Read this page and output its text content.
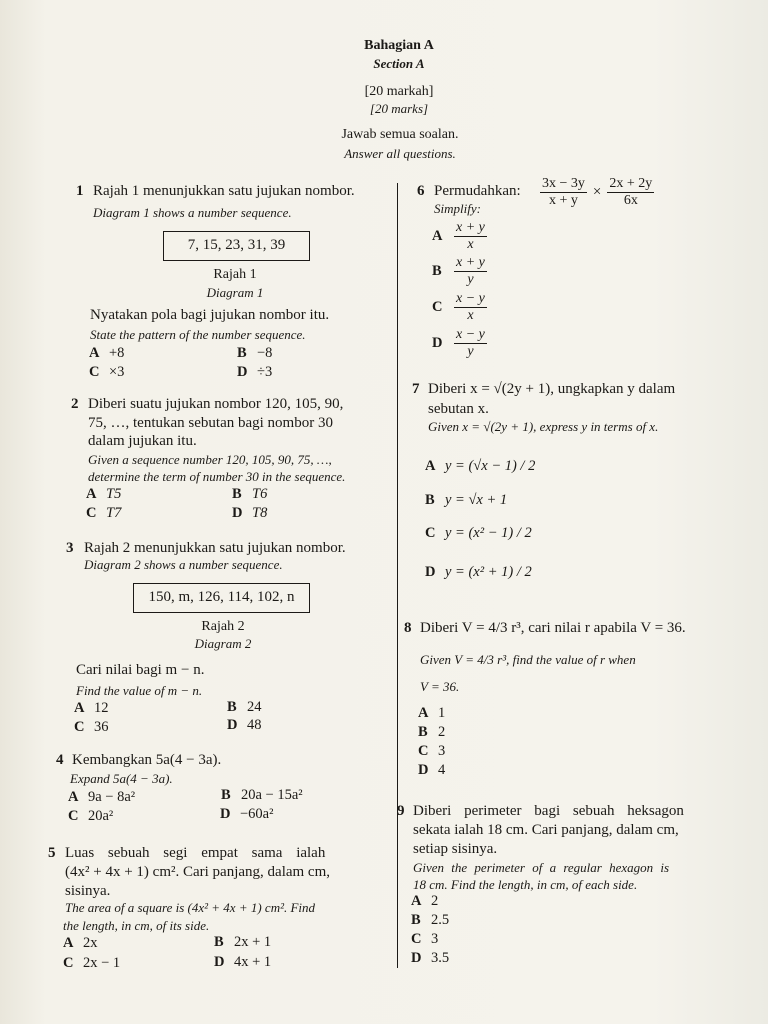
Bahagian A
Section A
[20 markah]
[20 marks]
Jawab semua soalan.
Answer all questions.
1 Rajah 1 menunjukkan satu jujukan nombor.
Diagram 1 shows a number sequence.
7, 15, 23, 31, 39
Rajah 1
Diagram 1
Nyatakan pola bagi jujukan nombor itu.
State the pattern of the number sequence.
A +8	B −8
C ×3	D ÷3
2 Diberi suatu jujukan nombor 120, 105, 90,
75, …, tentukan sebutan bagi nombor 30
dalam jujukan itu.
Given a sequence number 120, 105, 90, 75, …,
determine the term of number 30 in the sequence.
A T5	B T6
C T7	D T8
3 Rajah 2 menunjukkan satu jujukan nombor.
Diagram 2 shows a number sequence.
150, m, 126, 114, 102, n
Rajah 2
Diagram 2
Cari nilai bagi m − n.
Find the value of m − n.
A 12	B 24
C 36	D 48
4 Kembangkan 5a(4 − 3a).
Expand 5a(4 − 3a).
A 9a − 8a²	B 20a − 15a²
C 20a²	D −60a²
5 Luas sebuah segi empat sama ialah
(4x² + 4x + 1) cm². Cari panjang, dalam cm,
sisinya.
The area of a square is (4x² + 4x + 1) cm². Find
the length, in cm, of its side.
A 2x	B 2x + 1
C 2x − 1	D 4x + 1
6 Permudahkan:
Simplify:	$\frac{3x - 3y}{x + y} \times \frac{2x + 2y}{6x}$
A $\frac{x + y}{x}$
B $\frac{x + y}{y}$
C $\frac{x - y}{x}$
D $\frac{x - y}{y}$
7 Diberi x = √(2y + 1), ungkapkan y dalam
sebutan x.
Given x = √(2y + 1), express y in terms of x.
A y = (√x − 1) / 2
B y = √x + 1
C y = (x² − 1) / 2
D y = (x² + 1) / 2
8 Diberi V = 4/3 r³, cari nilai r apabila V = 36.
Given V = 4/3 r³, find the value of r when
V = 36.
A 1
B 2
C 3
D 4
9 Diberi perimeter bagi sebuah heksagon
sekata ialah 18 cm. Cari panjang, dalam cm,
setiap sisinya.
Given the perimeter of a regular hexagon is
18 cm. Find the length, in cm, of each side.
A 2
B 2.5
C 3
D 3.5
